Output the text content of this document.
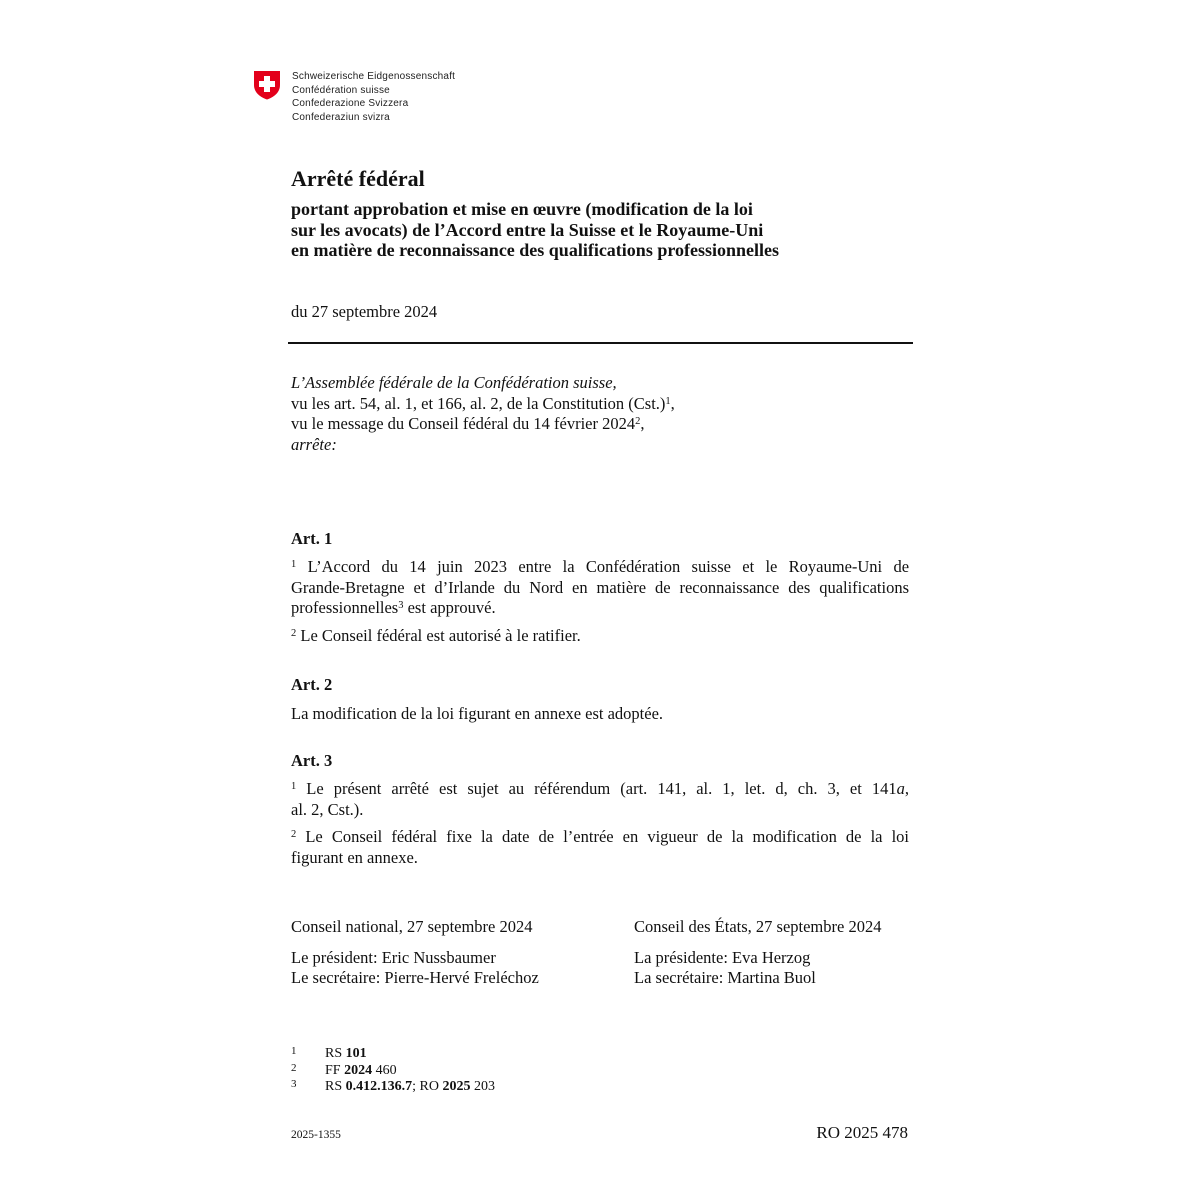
Schweizerische Eidgenossenschaft
Confédération suisse
Confederazione Svizzera
Confederaziun svizra
Arrêté fédéral
portant approbation et mise en œuvre (modification de la loi
sur les avocats) de l’Accord entre la Suisse et le Royaume-Uni
en matière de reconnaissance des qualifications professionnelles
du 27 septembre 2024
L’Assemblée fédérale de la Confédération suisse,
vu les art. 54, al. 1, et 166, al. 2, de la Constitution $(Cst.)^1$,
vu le message du Conseil fédéral du 14 février 2024$^2$,
arrête:
Art. 1
$^1$ L’Accord du 14 juin 2023 entre la Confédération suisse et le Royaume-Uni de
Grande-Bretagne et d’Irlande du Nord en matière de reconnaissance des qualifications
professionnelles$^3$ est approuvé.
$^2$ Le Conseil fédéral est autorisé à le ratifier.
Art. 2
La modification de la loi figurant en annexe est adoptée.
Art. 3
$^1$ Le présent arrêté est sujet au référendum (art. 141, al. 1, let. d, ch. 3, et 141a,
al. 2, Cst.).
$^2$ Le Conseil fédéral fixe la date de l’entrée en vigueur de la modification de la loi
figurant en annexe.
Conseil national, 27 septembre 2024
Le président: Eric Nussbaumer
Le secrétaire: Pierre-Hervé Freléchoz
Conseil des États, 27 septembre 2024
La présidente: Eva Herzog
La secrétaire: Martina Buol
1	RS 101
2	FF 2024 460
3	RS 0.412.136.7; RO 2025 203
2025-1355	RO 2025 478
